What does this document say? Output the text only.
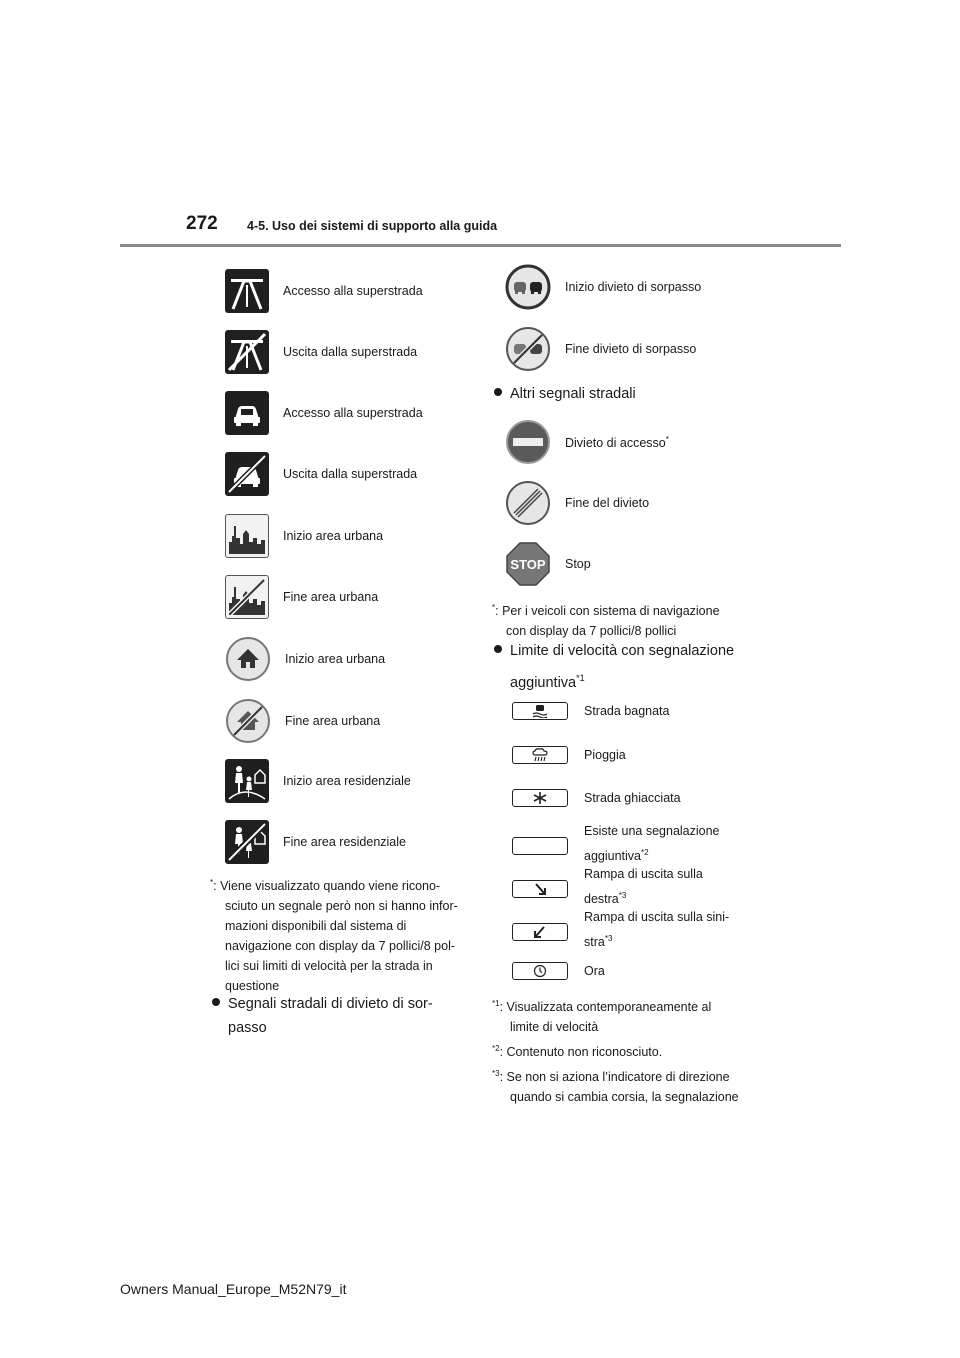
272 4-5. Uso dei sistemi di supporto alla guida
Accesso alla superstrada
Uscita dalla superstrada
Accesso alla superstrada
Uscita dalla superstrada
Inizio area urbana
Fine area urbana
Inizio area urbana
Fine area urbana
Inizio area residenziale
Fine area residenziale
*: Viene visualizzato quando viene ricono-
sciuto un segnale però non si hanno infor-
mazioni disponibili dal sistema di
navigazione con display da 7 pollici/8 pol-
lici sui limiti di velocità per la strada in
questione
Segnali stradali di divieto di sor-
passo
Inizio divieto di sorpasso
Fine divieto di sorpasso
Altri segnali stradali
Divieto di accesso*
Fine del divieto
STOP Stop
*: Per i veicoli con sistema di navigazione
con display da 7 pollici/8 pollici
Limite di velocità con segnalazione
aggiuntiva$^{*1}$
Strada bagnata
Pioggia
Strada ghiacciata
Esiste una segnalazione
aggiuntiva$^{*2}$
Rampa di uscita sulla
destra$^{*3}$
Rampa di uscita sulla sini-
stra$^{*3}$
Ora
$^{*1}$: Visualizzata contemporaneamente al
limite di velocità
$^{*2}$: Contenuto non riconosciuto.
$^{*3}$: Se non si aziona l’indicatore di direzione
quando si cambia corsia, la segnalazione
Owners Manual_Europe_M52N79_it
